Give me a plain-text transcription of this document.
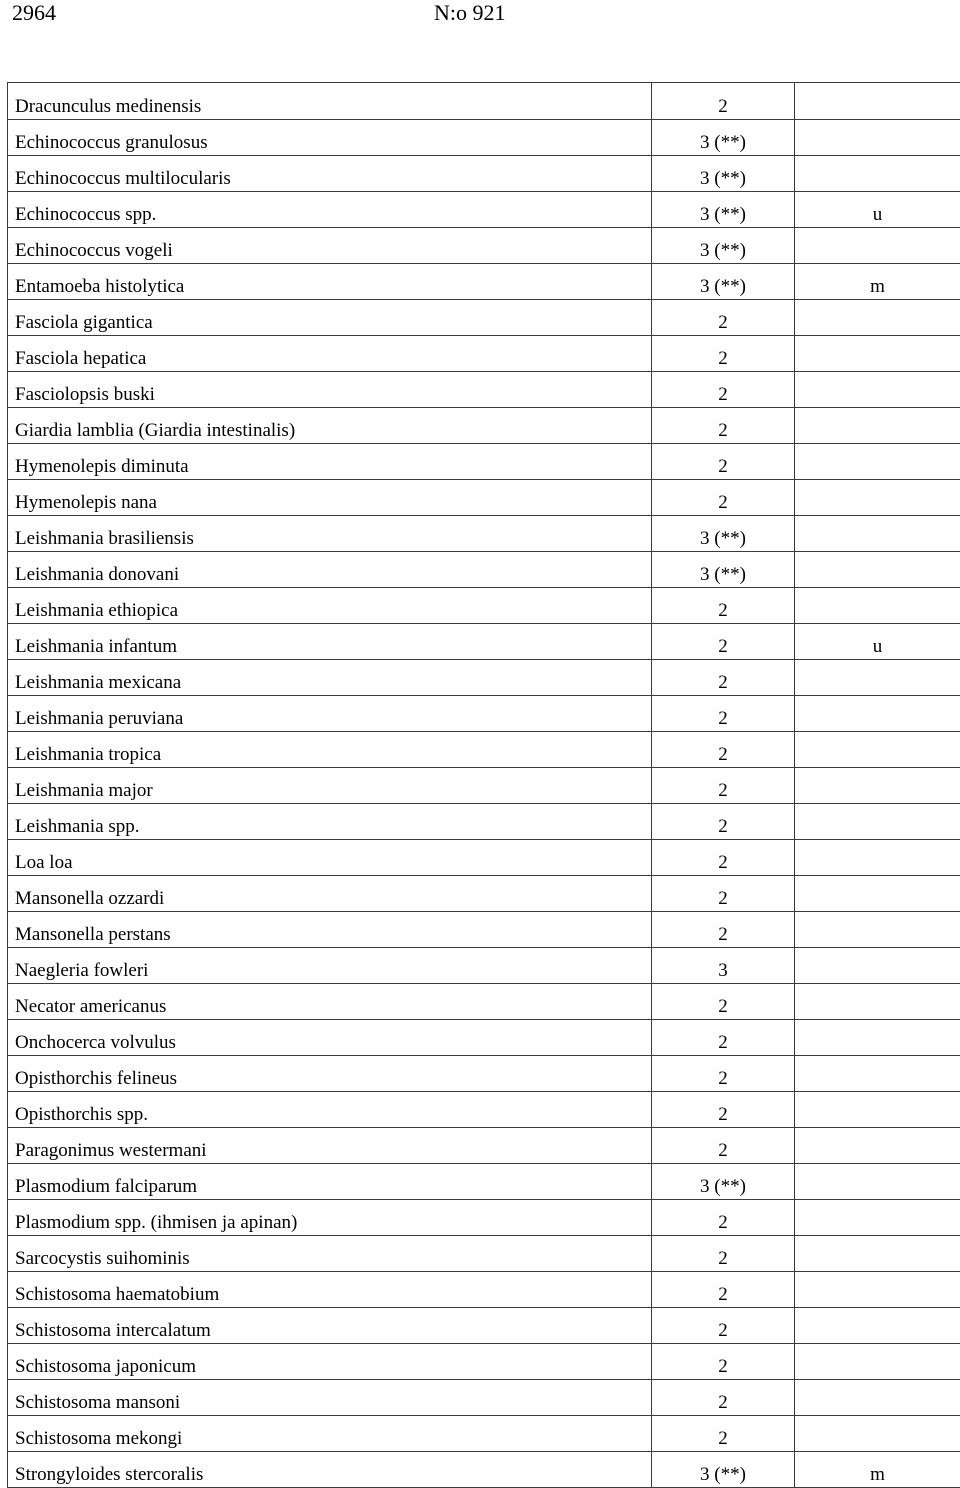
2964	N:o 921
Dracunculus medinensis	2	
Echinococcus granulosus	3 (**)	
Echinococcus multilocularis	3 (**)	
Echinococcus spp.	3 (**)	u
Echinococcus vogeli	3 (**)	
Entamoeba histolytica	3 (**)	m
Fasciola gigantica	2	
Fasciola hepatica	2	
Fasciolopsis buski	2	
Giardia lamblia (Giardia intestinalis)	2	
Hymenolepis diminuta	2	
Hymenolepis nana	2	
Leishmania brasiliensis	3 (**)	
Leishmania donovani	3 (**)	
Leishmania ethiopica	2	
Leishmania infantum	2	u
Leishmania mexicana	2	
Leishmania peruviana	2	
Leishmania tropica	2	
Leishmania major	2	
Leishmania spp.	2	
Loa loa	2	
Mansonella ozzardi	2	
Mansonella perstans	2	
Naegleria fowleri	3	
Necator americanus	2	
Onchocerca volvulus	2	
Opisthorchis felineus	2	
Opisthorchis spp.	2	
Paragonimus westermani	2	
Plasmodium falciparum	3 (**)	
Plasmodium spp. (ihmisen ja apinan)	2	
Sarcocystis suihominis	2	
Schistosoma haematobium	2	
Schistosoma intercalatum	2	
Schistosoma japonicum	2	
Schistosoma mansoni	2	
Schistosoma mekongi	2	
Strongyloides stercoralis	3 (**)	m
